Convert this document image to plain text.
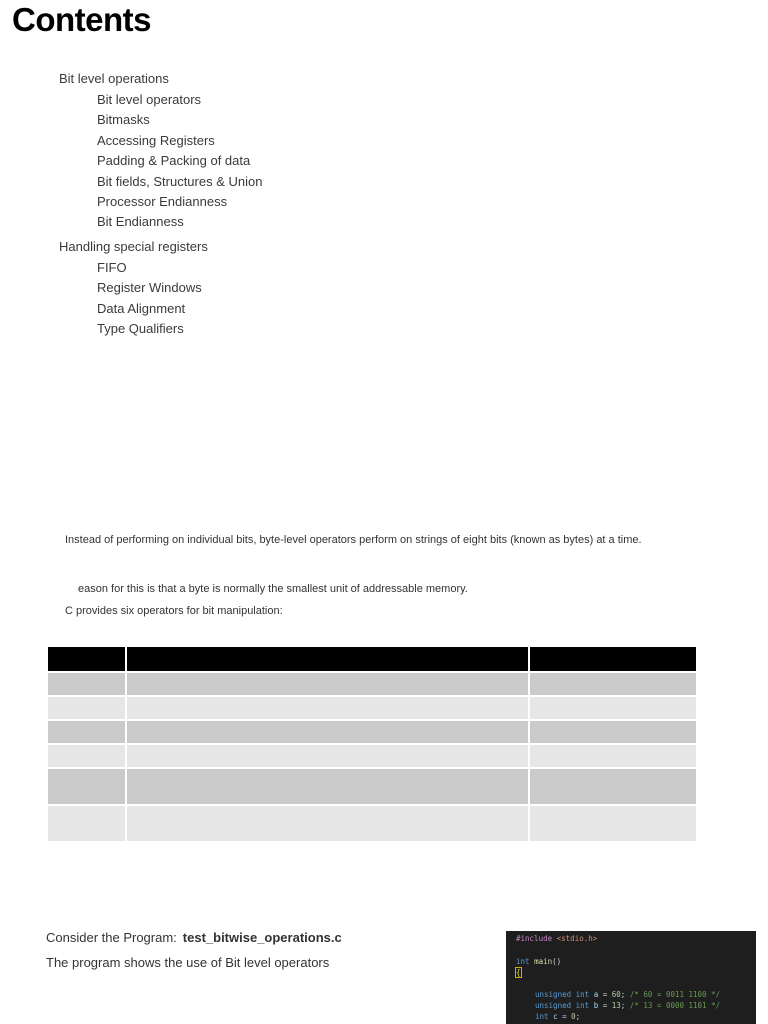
Contents
Bit level operations
Bit level operators
Bitmasks
Accessing Registers
Padding & Packing of data
Bit fields, Structures & Union
Processor Endianness
Bit Endianness
Handling special registers
FIFO
Register Windows
Data Alignment
Type Qualifiers

Instead of performing on individual bits, byte-level operators perform on strings of eight bits (known as bytes) at a time.

eason for this is that a byte is normally the smallest unit of addressable memory.

C provides six operators for bit manipulation:

Consider the Program: test_bitwise_operations.c
The program shows the use of Bit level operators
#include <stdio.h>
int main()
{
unsigned int a = 60; /* 60 = 0011 1100 */
unsigned int b = 13; /* 13 = 0000 1101 */
int c = 0;
